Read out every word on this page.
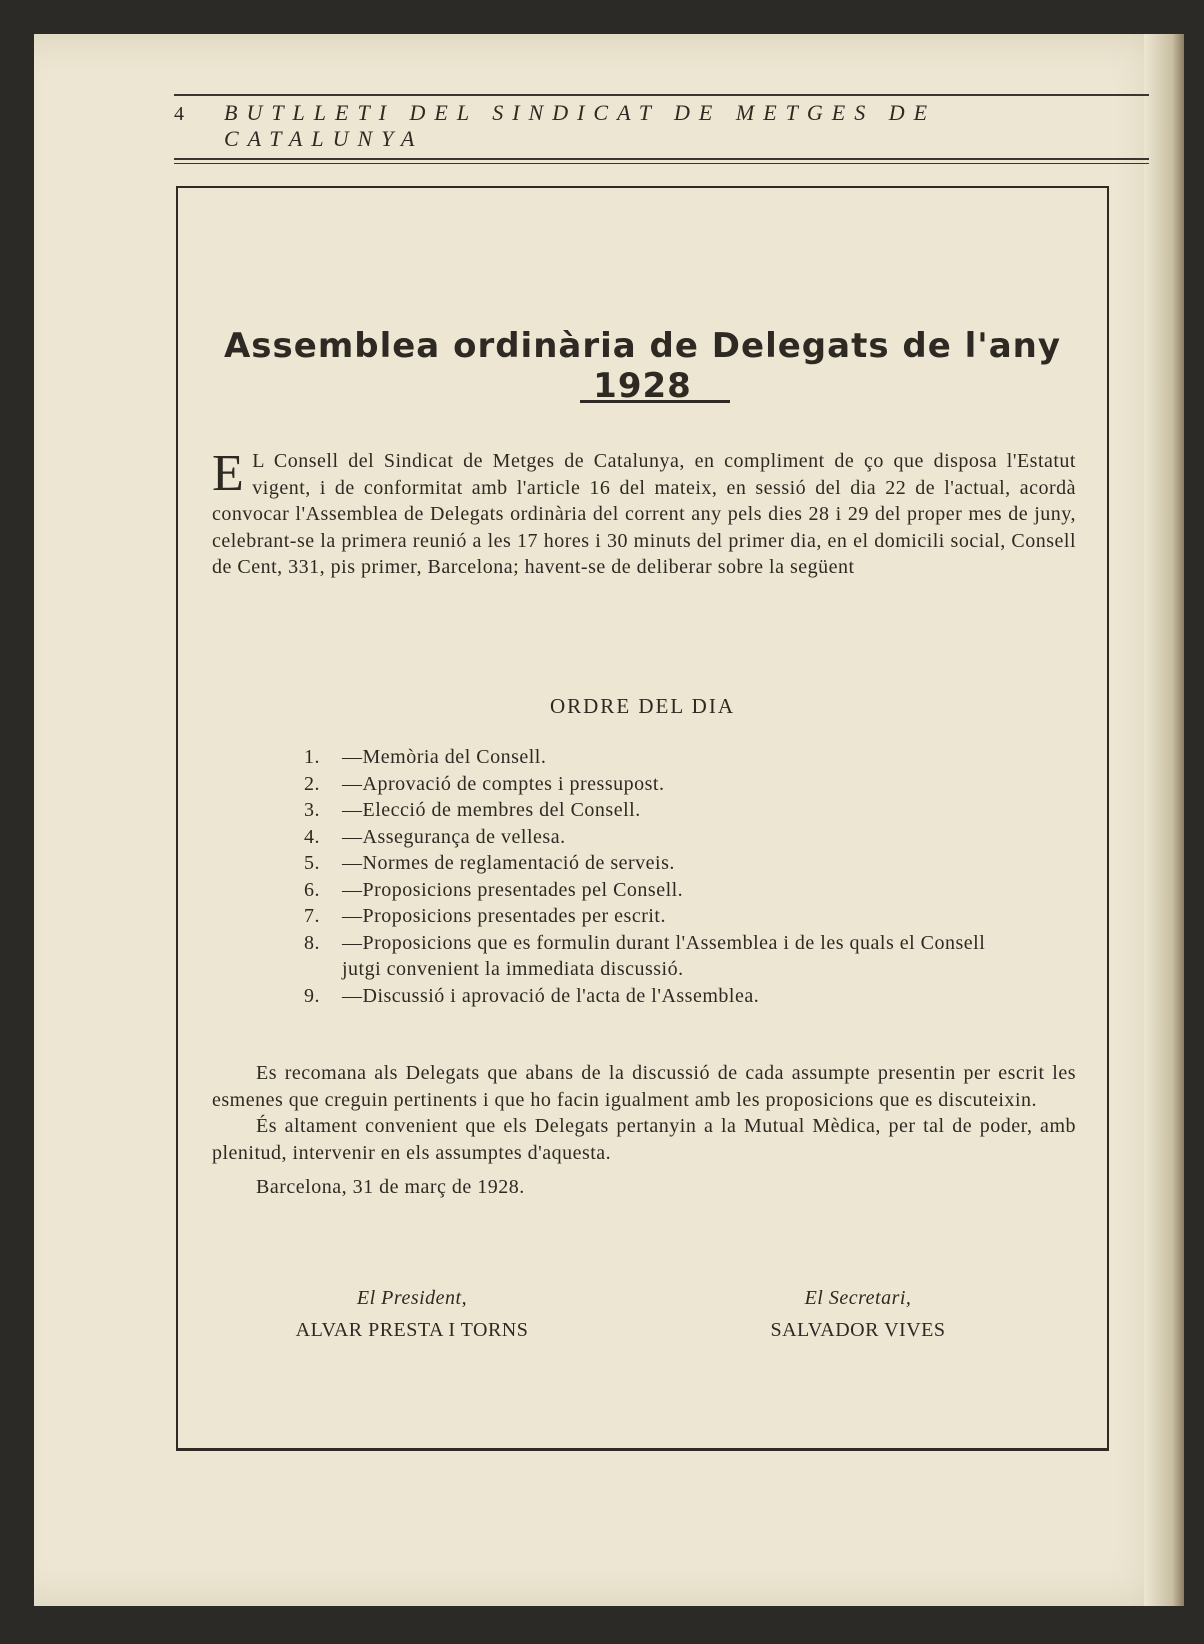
4	BUTLLETI DEL SINDICAT DE METGES DE CATALUNYA
Assemblea ordinària de Delegats de l'any 1928
E L Consell del Sindicat de Metges de Catalunya, en compliment de ço que disposa l'Estatut vigent, i de conformitat amb l'article 16 del mateix, en sessió del dia 22 de l'actual, acordà convocar l'Assemblea de Delegats ordinària del corrent any pels dies 28 i 29 del proper mes de juny, celebrant-se la primera reunió a les 17 hores i 30 minuts del primer dia, en el domicili social, Consell de Cent, 331, pis primer, Barcelona; havent-se de deliberar sobre la següent
ORDRE DEL DIA
1.	—Memòria del Consell.
2.	—Aprovació de comptes i pressupost.
3.	—Elecció de membres del Consell.
4.	—Assegurança de vellesa.
5.	—Normes de reglamentació de serveis.
6.	—Proposicions presentades pel Consell.
7.	—Proposicions presentades per escrit.
8.	—Proposicions que es formulin durant l'Assemblea i de les quals el Consell jutgi convenient la immediata discussió.
9.	—Discussió i aprovació de l'acta de l'Assemblea.

Es recomana als Delegats que abans de la discussió de cada assumpte presentin per escrit les esmenes que creguin pertinents i que ho facin igualment amb les proposicions que es discuteixin.

És altament convenient que els Delegats pertanyin a la Mutual Mèdica, per tal de poder, amb plenitud, intervenir en els assumptes d'aquesta.

Barcelona, 31 de març de 1928.

El President,
ALVAR PRESTA I TORNS
El Secretari,
SALVADOR VIVES
